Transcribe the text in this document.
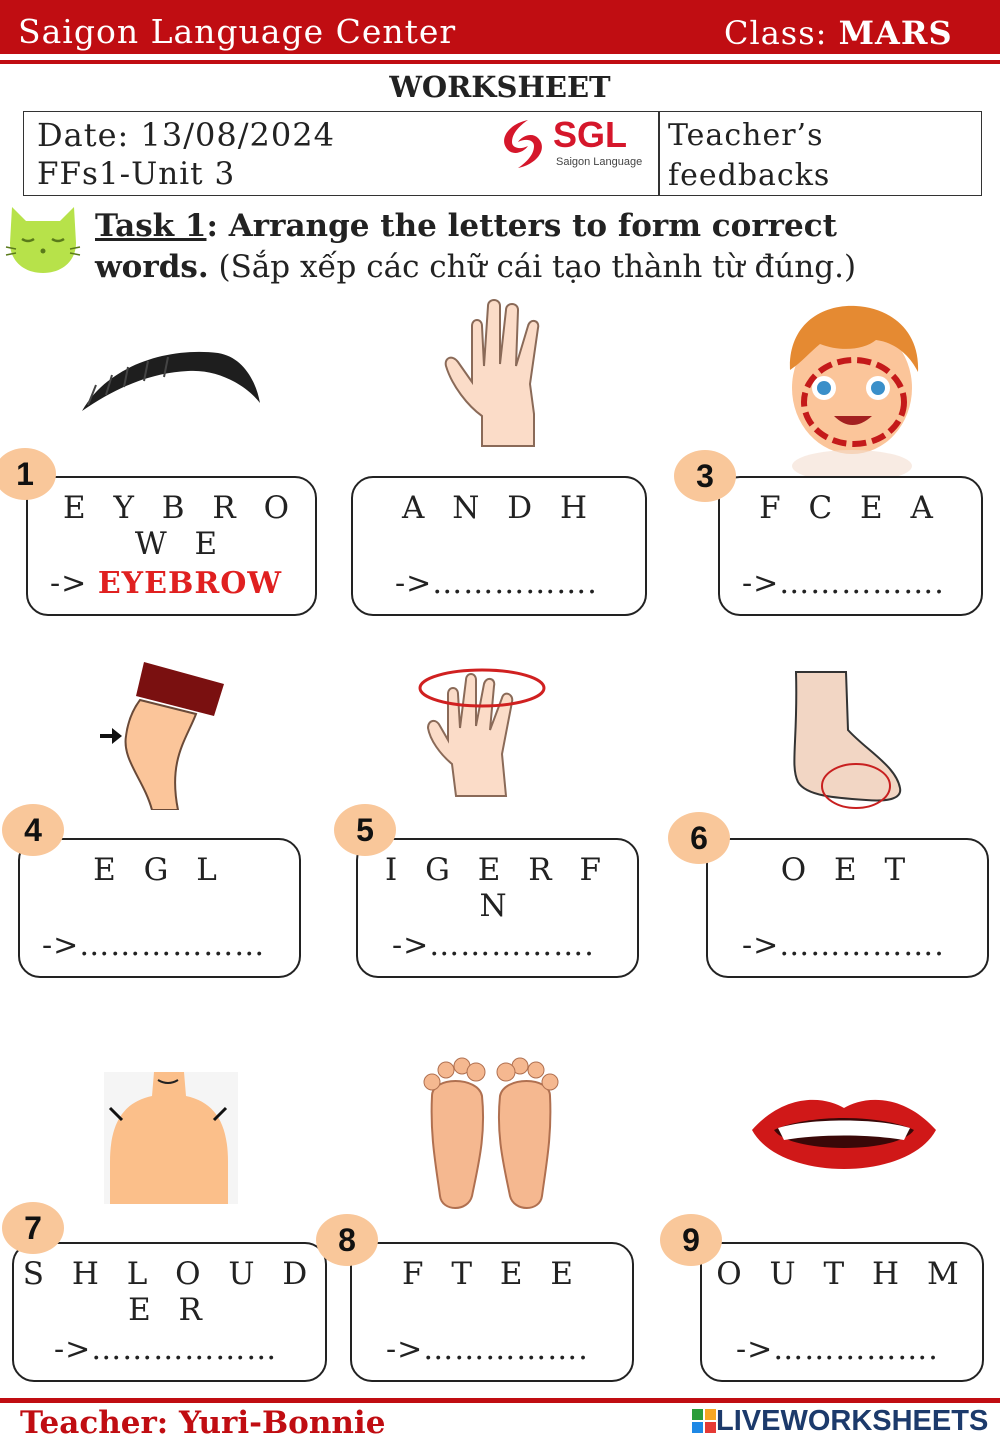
Saigon Language Center	Class: MARS
WORKSHEET
Date: 13/08/2024
FFs1-Unit 3
SGL
Saigon Language
Teacher’s
feedbacks
Task 1: Arrange the letters to form correct
words. (Sắp xếp các chữ cái tạo thành từ đúng.)
E Y B R O W E
-> EYEBROW
1
A N D H
->…………….
F C E A
->…………….
3
E G L
->………………
4
I G E R F N
->…………….
5
O E T
->…………….
6
S H L O U D E R
->………………
7
F T E E
->…………….
8
O U T H M
->…………….
9
Teacher: Yuri-Bonnie	LIVEWORKSHEETS
